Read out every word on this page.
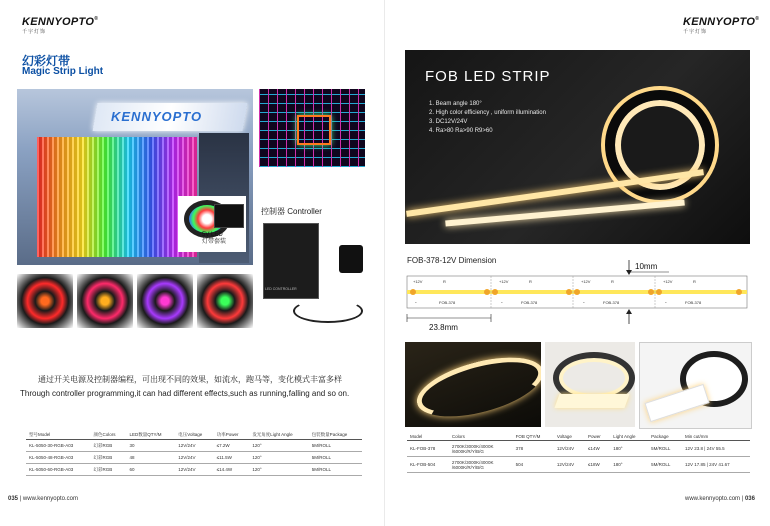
KENNYOPTO®
千宇灯饰
幻彩灯带
Magic Strip Light
KENNYOPTO
5V LED
灯带套装
控制器 Controller
LED CONTROLLER
通过开关电源及控制器编程，可出现不同的效果，如流水，跑马等，变化模式丰富多样
Through controller programming,it can had different effects,such as running,falling and so on.
型号Model	颜色Colors	LED数量QTY/M	电压Voltage	功率Power	发光角度Light Angle	包装数量Package
KL-5050-30-RGB-A03	幻彩RGB	30	12V/24V	≤7.2W	120°	5M/ROLL
KL-5050-48-RGB-A03	幻彩RGB	48	12V/24V	≤11.5W	120°	5M/ROLL
KL-5050-60-RGB-A03	幻彩RGB	60	12V/24V	≤14.4W	120°	5M/ROLL
035 | www.kennyopto.com
KENNYOPTO®
千宇灯饰
FOB LED STRIP
1. Beam angle 180°
2. High color efficiency , uniform illumination
3. DC12V/24V
4. Ra>80 Ra>90 R9>60
FOB-378-12V Dimension
10mm
+12V	R
-	FOB-378
+12V	R
-	FOB-378
+12V	R
-	FOB-378
+12V	R
-	FOB-378
23.8mm
Model	Colors	FOB QTY/M	Voltage	Power	Light Angle	Package	Min cut/mm
KL-FOB-378	2700K/3000K/4000K
/6000K/R/Y/B/G	378	12V/24V	≤14W	180°	5M/ROLL	12V 23.8 | 24V 55.5
KL-FOB-504	2700K/3000K/4000K
/6000K/R/Y/B/G	504	12V/24V	≤18W	180°	5M/ROLL	12V 17.85 | 24V 41.67
www.kennyopto.com | 036
